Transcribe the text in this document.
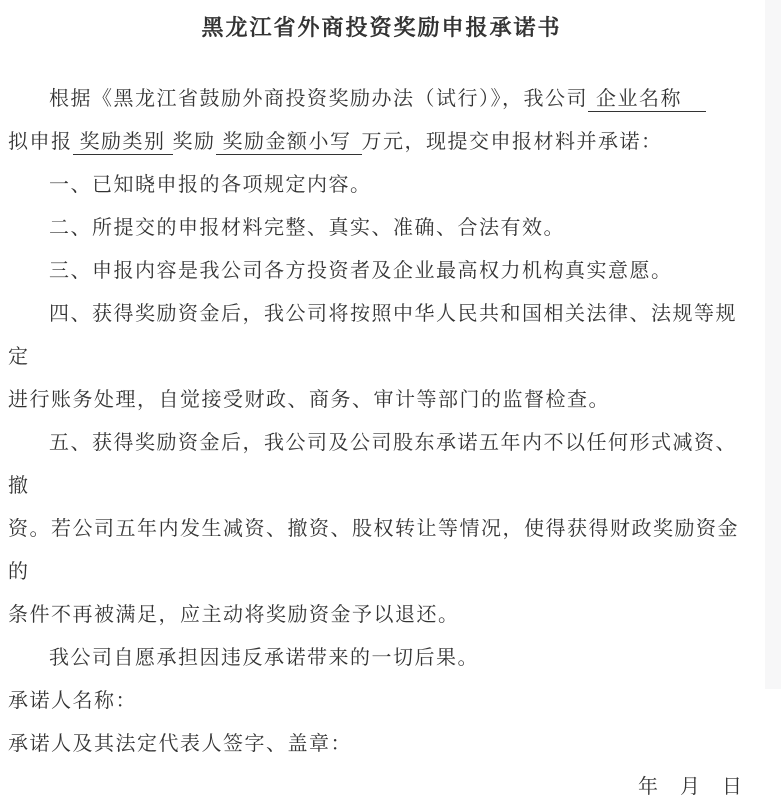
黑龙江省外商投资奖励申报承诺书
根据《黑龙江省鼓励外商投资奖励办法（试行）》，我公司 企业名称
拟申报 奖励类别 奖励 奖励金额小写 万元，现提交申报材料并承诺：
一、已知晓申报的各项规定内容。
二、所提交的申报材料完整、真实、准确、合法有效。
三、申报内容是我公司各方投资者及企业最高权力机构真实意愿。
四、获得奖励资金后，我公司将按照中华人民共和国相关法律、法规等规定
进行账务处理，自觉接受财政、商务、审计等部门的监督检查。
五、获得奖励资金后，我公司及公司股东承诺五年内不以任何形式减资、撤
资。若公司五年内发生减资、撤资、股权转让等情况，使得获得财政奖励资金的
条件不再被满足，应主动将奖励资金予以退还。
我公司自愿承担因违反承诺带来的一切后果。
承诺人名称：
承诺人及其法定代表人签字、盖章：
年　月　日
